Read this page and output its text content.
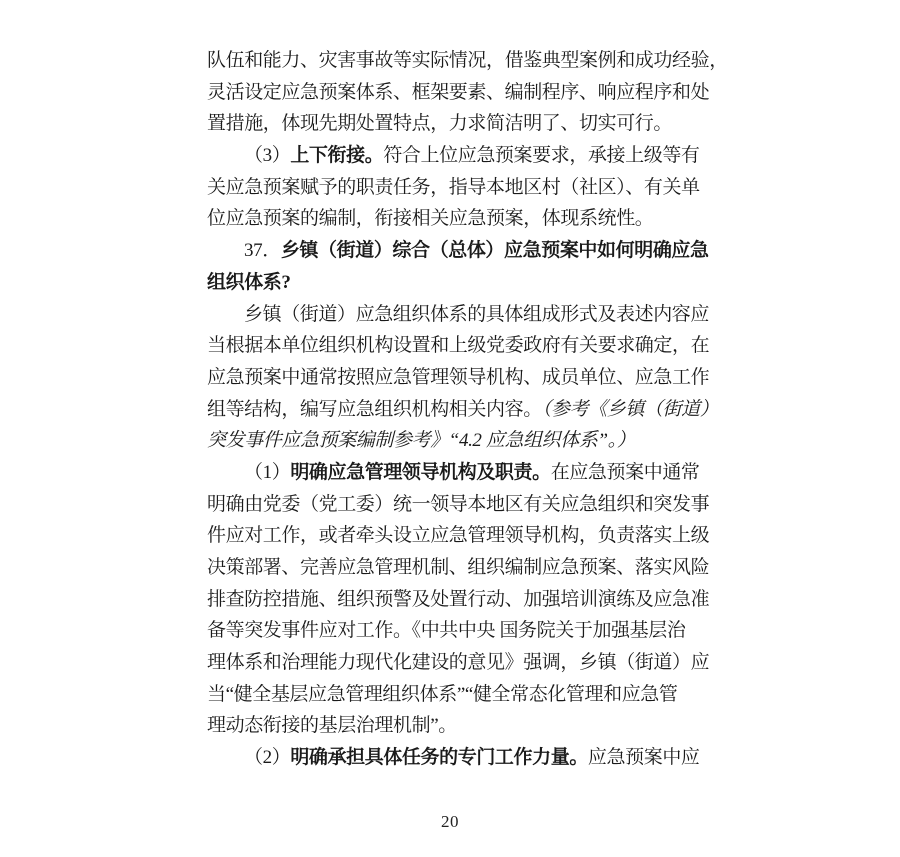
队伍和能力、灾害事故等实际情况，借鉴典型案例和成功经验，
灵活设定应急预案体系、框架要素、编制程序、响应程序和处
置措施，体现先期处置特点，力求简洁明了、切实可行。
（3）上下衔接。符合上位应急预案要求，承接上级等有
关应急预案赋予的职责任务，指导本地区村（社区）、有关单
位应急预案的编制，衔接相关应急预案，体现系统性。
37．乡镇（街道）综合（总体）应急预案中如何明确应急
组织体系?
乡镇（街道）应急组织体系的具体组成形式及表述内容应
当根据本单位组织机构设置和上级党委政府有关要求确定，在
应急预案中通常按照应急管理领导机构、成员单位、应急工作
组等结构，编写应急组织机构相关内容。（参考《乡镇（街道）
突发事件应急预案编制参考》“4.2 应急组织体系”。）
（1）明确应急管理领导机构及职责。在应急预案中通常
明确由党委（党工委）统一领导本地区有关应急组织和突发事
件应对工作，或者牵头设立应急管理领导机构，负责落实上级
决策部署、完善应急管理机制、组织编制应急预案、落实风险
排查防控措施、组织预警及处置行动、加强培训演练及应急准
备等突发事件应对工作。《中共中央 国务院关于加强基层治
理体系和治理能力现代化建设的意见》强调，乡镇（街道）应
当“健全基层应急管理组织体系”“健全常态化管理和应急管
理动态衔接的基层治理机制”。
（2）明确承担具体任务的专门工作力量。应急预案中应
20
